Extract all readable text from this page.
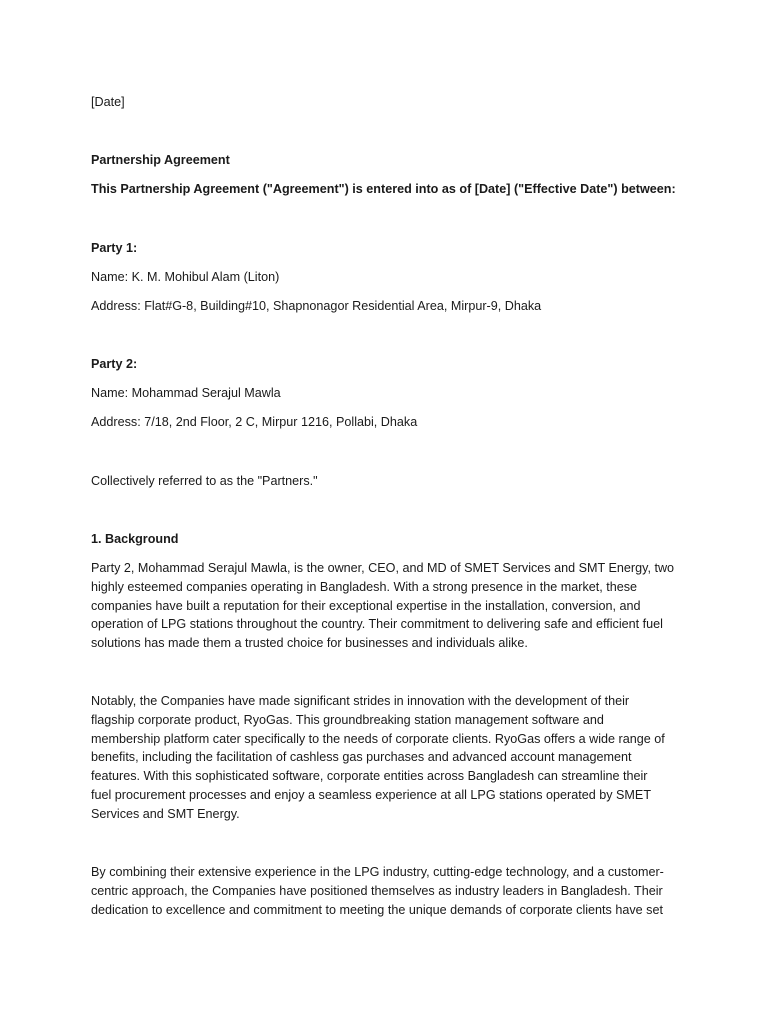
[Date]

Partnership Agreement

This Partnership Agreement ("Agreement") is entered into as of [Date] ("Effective Date") between:

Party 1:

Name: K. M. Mohibul Alam (Liton)

Address: Flat#G-8, Building#10, Shapnonagor Residential Area, Mirpur-9, Dhaka

Party 2:

Name: Mohammad Serajul Mawla

Address: 7/18, 2nd Floor, 2 C, Mirpur 1216, Pollabi, Dhaka

Collectively referred to as the "Partners."

1. Background

Party 2, Mohammad Serajul Mawla, is the owner, CEO, and MD of SMET Services and SMT Energy, two
highly esteemed companies operating in Bangladesh. With a strong presence in the market, these
companies have built a reputation for their exceptional expertise in the installation, conversion, and
operation of LPG stations throughout the country. Their commitment to delivering safe and efficient fuel
solutions has made them a trusted choice for businesses and individuals alike.
Notably, the Companies have made significant strides in innovation with the development of their
flagship corporate product, RyoGas. This groundbreaking station management software and
membership platform cater specifically to the needs of corporate clients. RyoGas offers a wide range of
benefits, including the facilitation of cashless gas purchases and advanced account management
features. With this sophisticated software, corporate entities across Bangladesh can streamline their
fuel procurement processes and enjoy a seamless experience at all LPG stations operated by SMET
Services and SMT Energy.
By combining their extensive experience in the LPG industry, cutting-edge technology, and a customer-
centric approach, the Companies have positioned themselves as industry leaders in Bangladesh. Their
dedication to excellence and commitment to meeting the unique demands of corporate clients have set
